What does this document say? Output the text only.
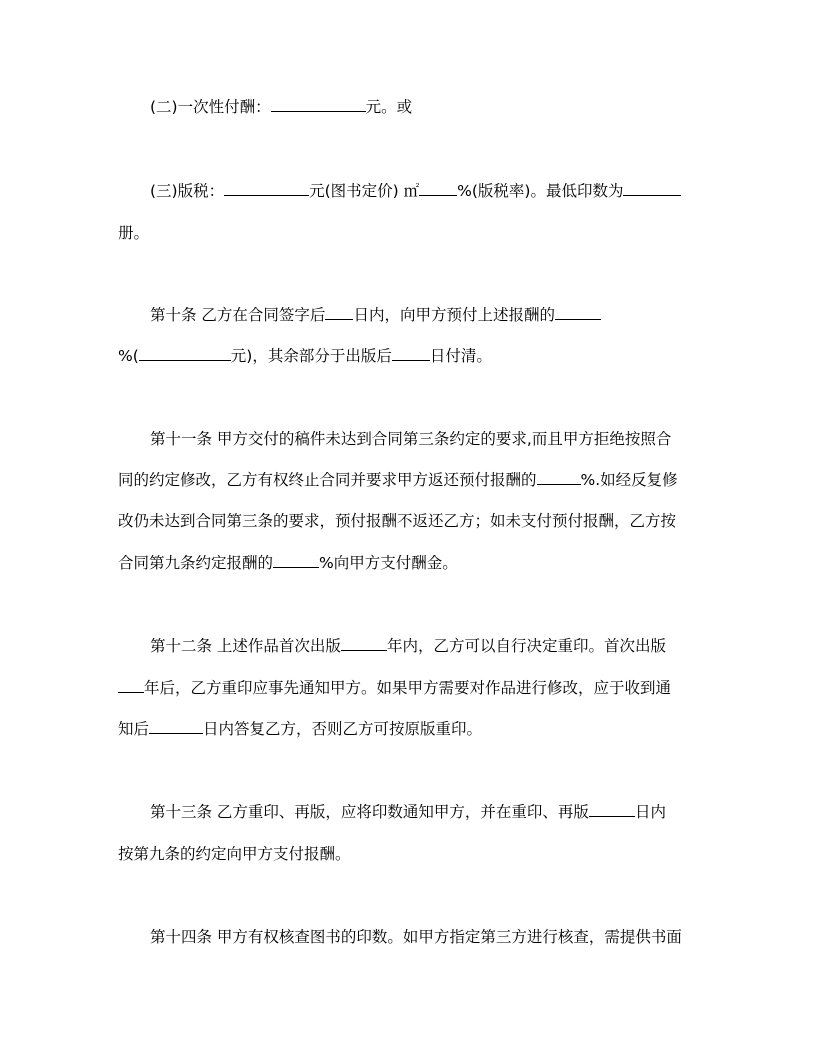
(二)一次性付酬：	元。或
(三)版税：	元(图书定价) ㎡ %(版税率)。最低印数为
册。
第十条 乙方在合同签字后 日内，向甲方预付上述报酬的
%(	元)，其余部分于出版后 日付清。
第十一条 甲方交付的稿件未达到合同第三条约定的要求,而且甲方拒绝按照合
同的约定修改，乙方有权终止合同并要求甲方返还预付报酬的	%.如经反复修
改仍未达到合同第三条的要求，预付报酬不返还乙方；如未支付预付报酬，乙方按
合同第九条约定报酬的	%向甲方支付酬金。
第十二条 上述作品首次出版	年内，乙方可以自行决定重印。首次出版
年后，乙方重印应事先通知甲方。如果甲方需要对作品进行修改，应于收到通
知后	日内答复乙方，否则乙方可按原版重印。
第十三条 乙方重印、再版，应将印数通知甲方，并在重印、再版	日内
按第九条的约定向甲方支付报酬。
第十四条 甲方有权核查图书的印数。如甲方指定第三方进行核查，需提供书面
